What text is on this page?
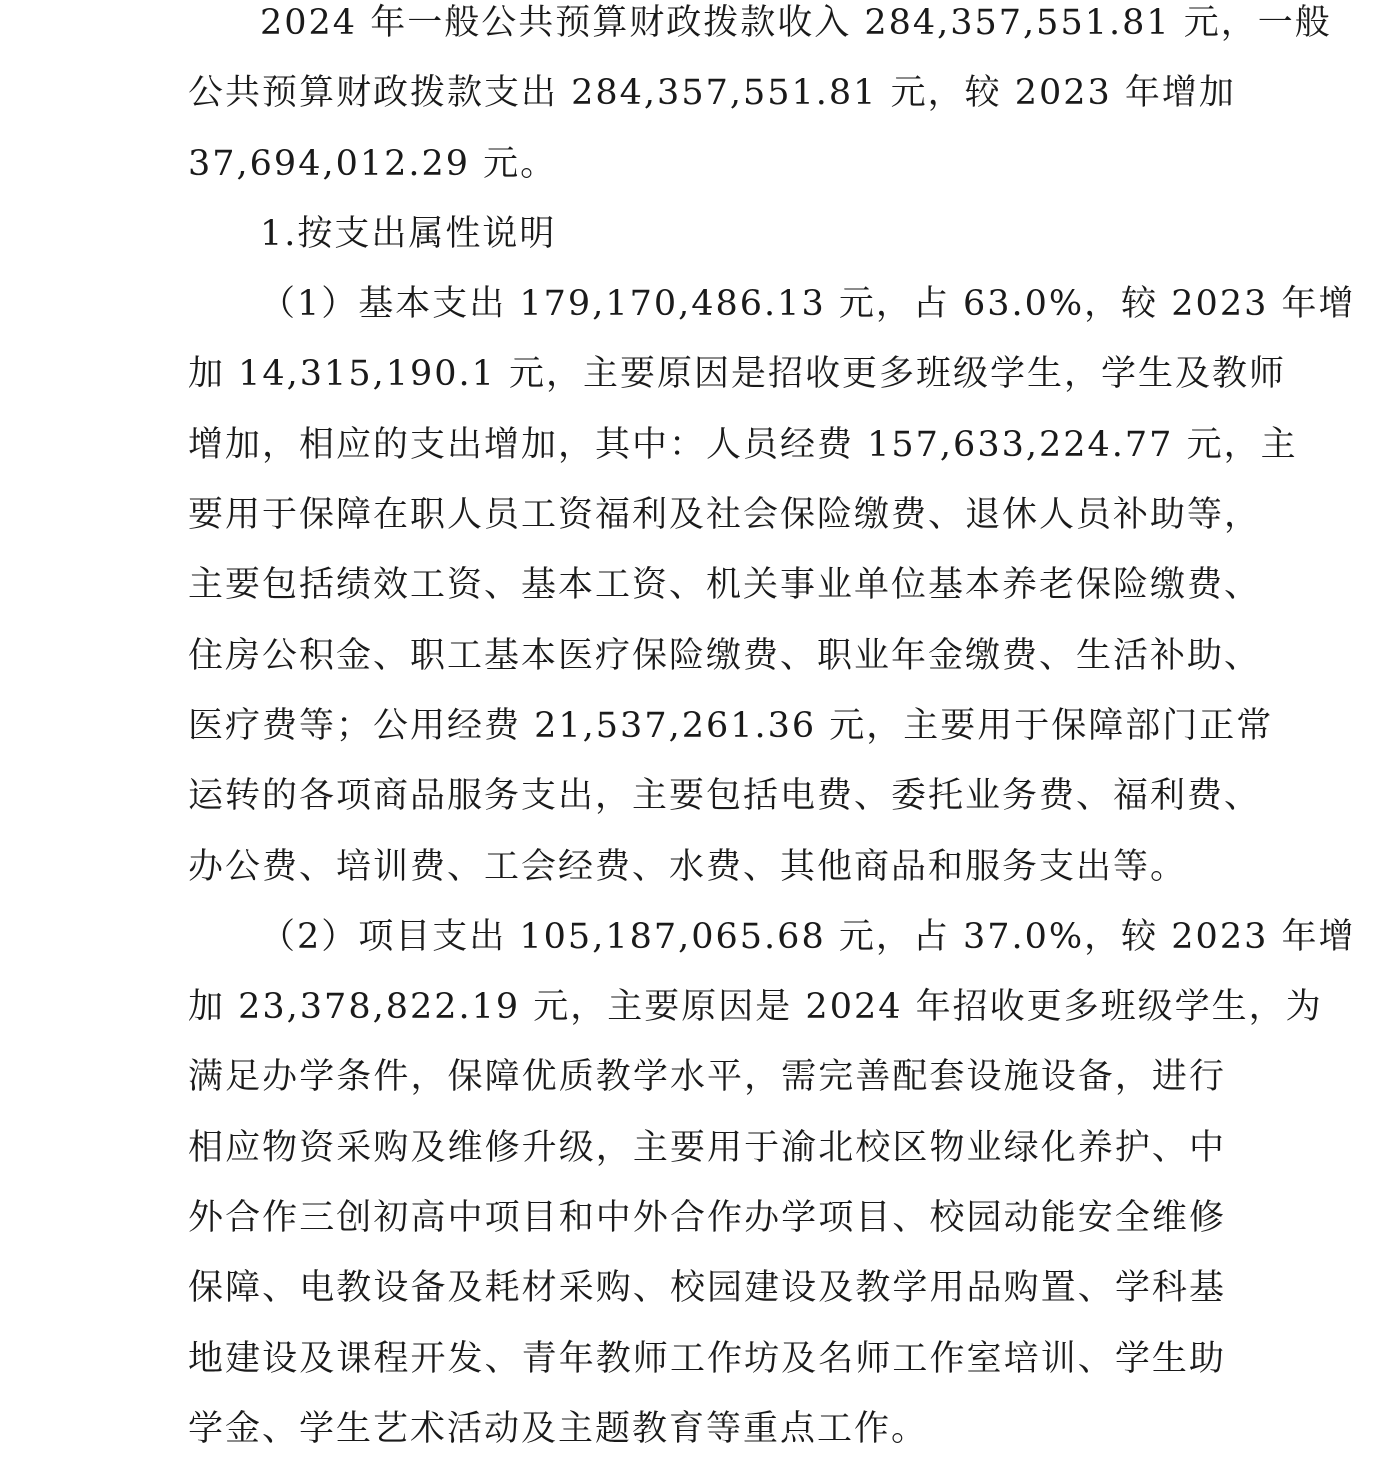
2024 年一般公共预算财政拨款收入 284,357,551.81 元，一般
公共预算财政拨款支出 284,357,551.81 元，较 2023 年增加
37,694,012.29 元。
1.按支出属性说明
（1）基本支出 179,170,486.13 元，占 63.0%，较 2023 年增
加 14,315,190.1 元，主要原因是招收更多班级学生，学生及教师
增加，相应的支出增加，其中：人员经费 157,633,224.77 元，主
要用于保障在职人员工资福利及社会保险缴费、退休人员补助等，
主要包括绩效工资、基本工资、机关事业单位基本养老保险缴费、
住房公积金、职工基本医疗保险缴费、职业年金缴费、生活补助、
医疗费等；公用经费 21,537,261.36 元，主要用于保障部门正常
运转的各项商品服务支出，主要包括电费、委托业务费、福利费、
办公费、培训费、工会经费、水费、其他商品和服务支出等。
（2）项目支出 105,187,065.68 元，占 37.0%，较 2023 年增
加 23,378,822.19 元，主要原因是 2024 年招收更多班级学生，为
满足办学条件，保障优质教学水平，需完善配套设施设备，进行
相应物资采购及维修升级，主要用于渝北校区物业绿化养护、中
外合作三创初高中项目和中外合作办学项目、校园动能安全维修
保障、电教设备及耗材采购、校园建设及教学用品购置、学科基
地建设及课程开发、青年教师工作坊及名师工作室培训、学生助
学金、学生艺术活动及主题教育等重点工作。
